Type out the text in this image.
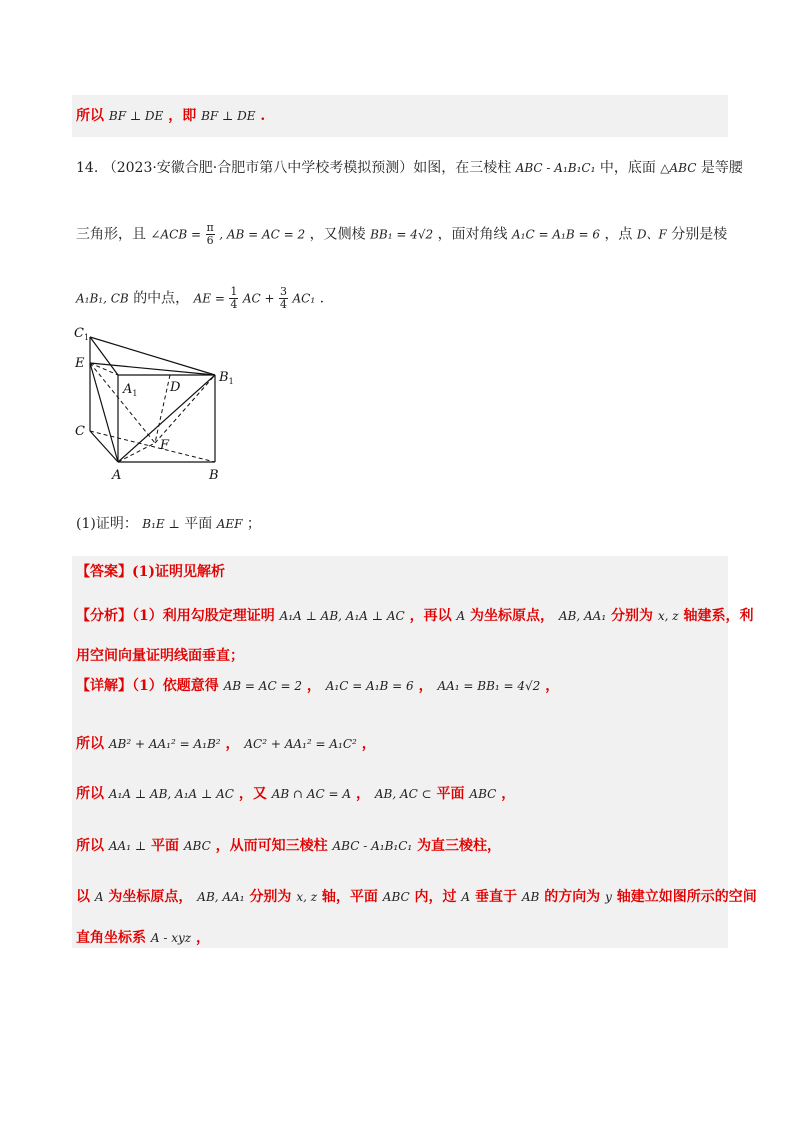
所以 BF ⊥ DE ，即 BF ⊥ DE .
14. （2023·安徽合肥·合肥市第八中学校考模拟预测）如图，在三棱柱 ABC - A₁B₁C₁ 中，底面 △ABC 是等腰
三角形，且 ∠ACB = $\frac{\pi}{6}$ , AB = AC = 2 ，又侧棱 BB₁ = 4√2 ，面对角线 A₁C = A₁B = 6 ，点 D、F 分别是棱
A₁B₁, CB 的中点， AE = $\frac{1}{4}$ AC + $\frac{3}{4} AC_1$ .
$C_1$
E
$A_1$	D
$B_1$
C
F
A	B
(1)证明： B₁E ⊥ 平面 AEF ；
【答案】(1)证明见解析
【分析】（1）利用勾股定理证明 A₁A ⊥ AB, A₁A ⊥ AC ，再以 A 为坐标原点， AB, AA₁ 分别为 x, z 轴建系，利
用空间向量证明线面垂直；
【详解】（1）依题意得 AB = AC = 2 ， A₁C = A₁B = 6 ， AA₁ = BB₁ = 4√2 ，
所以 AB² + AA₁² = A₁B² ， AC² + AA₁² = A₁C² ，
所以 A₁A ⊥ AB, A₁A ⊥ AC ，又 AB ∩ AC = A ， AB, AC ⊂ 平面 ABC ，
所以 AA₁ ⊥ 平面 ABC ，从而可知三棱柱 ABC - A₁B₁C₁ 为直三棱柱，
以 A 为坐标原点， AB, AA₁ 分别为 x, z 轴，平面 ABC 内，过 A 垂直于 AB 的方向为 y 轴建立如图所示的空间
直角坐标系 A - xyz ，
